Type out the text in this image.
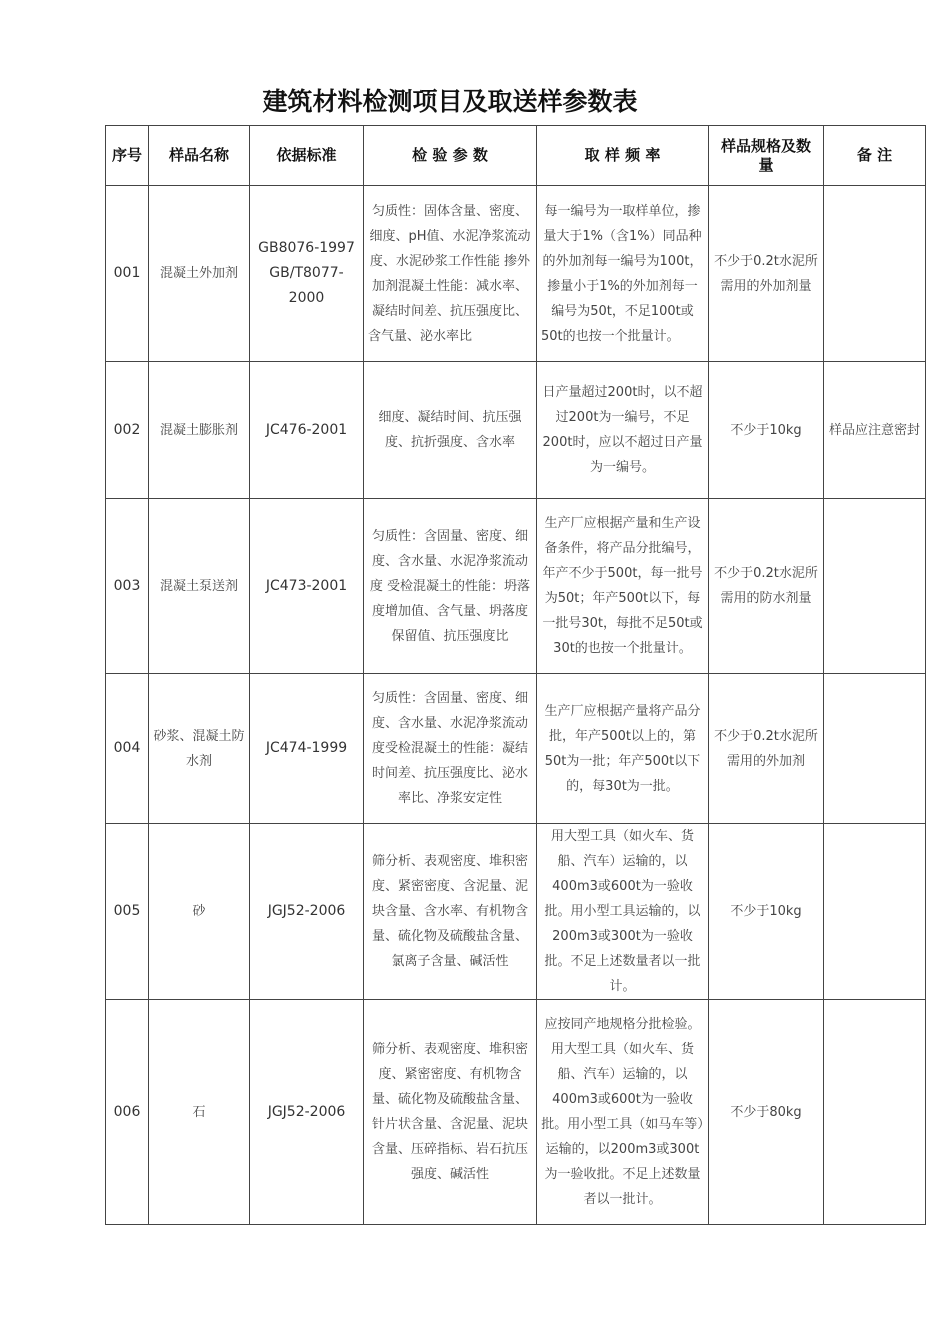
建筑材料检测项目及取送样参数表
序号	样品名称	依据标准	检 验 参 数	取 样 频 率	样品规格及数量	备 注
001	混凝土外加剂	GB8076-1997 GB/T8077-2000	匀质性：固体含量、密度、细度、pH值、水泥净浆流动度、水泥砂浆工作性能 掺外加剂混凝土性能：减水率、凝结时间差、抗压强度比、含气量、泌水率比	每一编号为一取样单位，掺量大于1%（含1%）同品种的外加剂每一编号为100t，掺量小于1%的外加剂每一编号为50t，不足100t或50t的也按一个批量计。	不少于0.2t水泥所需用的外加剂量	
002	混凝土膨胀剂	JC476-2001	细度、凝结时间、抗压强度、抗折强度、含水率	日产量超过200t时，以不超过200t为一编号，不足200t时，应以不超过日产量为一编号。	不少于10kg	样品应注意密封
003	混凝土泵送剂	JC473-2001	匀质性：含固量、密度、细度、含水量、水泥净浆流动度 受检混凝土的性能：坍落度增加值、含气量、坍落度保留值、抗压强度比	生产厂应根据产量和生产设备条件，将产品分批编号，年产不少于500t，每一批号为50t；年产500t以下，每一批号30t，每批不足50t或30t的也按一个批量计。	不少于0.2t水泥所需用的防水剂量	
004	砂浆、混凝土防水剂	JC474-1999	匀质性：含固量、密度、细度、含水量、水泥净浆流动度受检混凝土的性能：凝结时间差、抗压强度比、泌水率比、净浆安定性	生产厂应根据产量将产品分批，年产500t以上的，第50t为一批；年产500t以下的，每30t为一批。	不少于0.2t水泥所需用的外加剂	
005	砂	JGJ52-2006	筛分析、表观密度、堆积密度、紧密密度、含泥量、泥块含量、含水率、有机物含量、硫化物及硫酸盐含量、氯离子含量、碱活性	用大型工具（如火车、货船、汽车）运输的，以400m3或600t为一验收批。用小型工具运输的，以200m3或300t为一验收批。不足上述数量者以一批计。	不少于10kg	
006	石	JGJ52-2006	筛分析、表观密度、堆积密度、紧密密度、有机物含量、硫化物及硫酸盐含量、针片状含量、含泥量、泥块含量、压碎指标、岩石抗压强度、碱活性	应按同产地规格分批检验。用大型工具（如火车、货船、汽车）运输的，以400m3或600t为一验收批。用小型工具（如马车等）运输的，以200m3或300t为一验收批。不足上述数量者以一批计。	不少于80kg	
